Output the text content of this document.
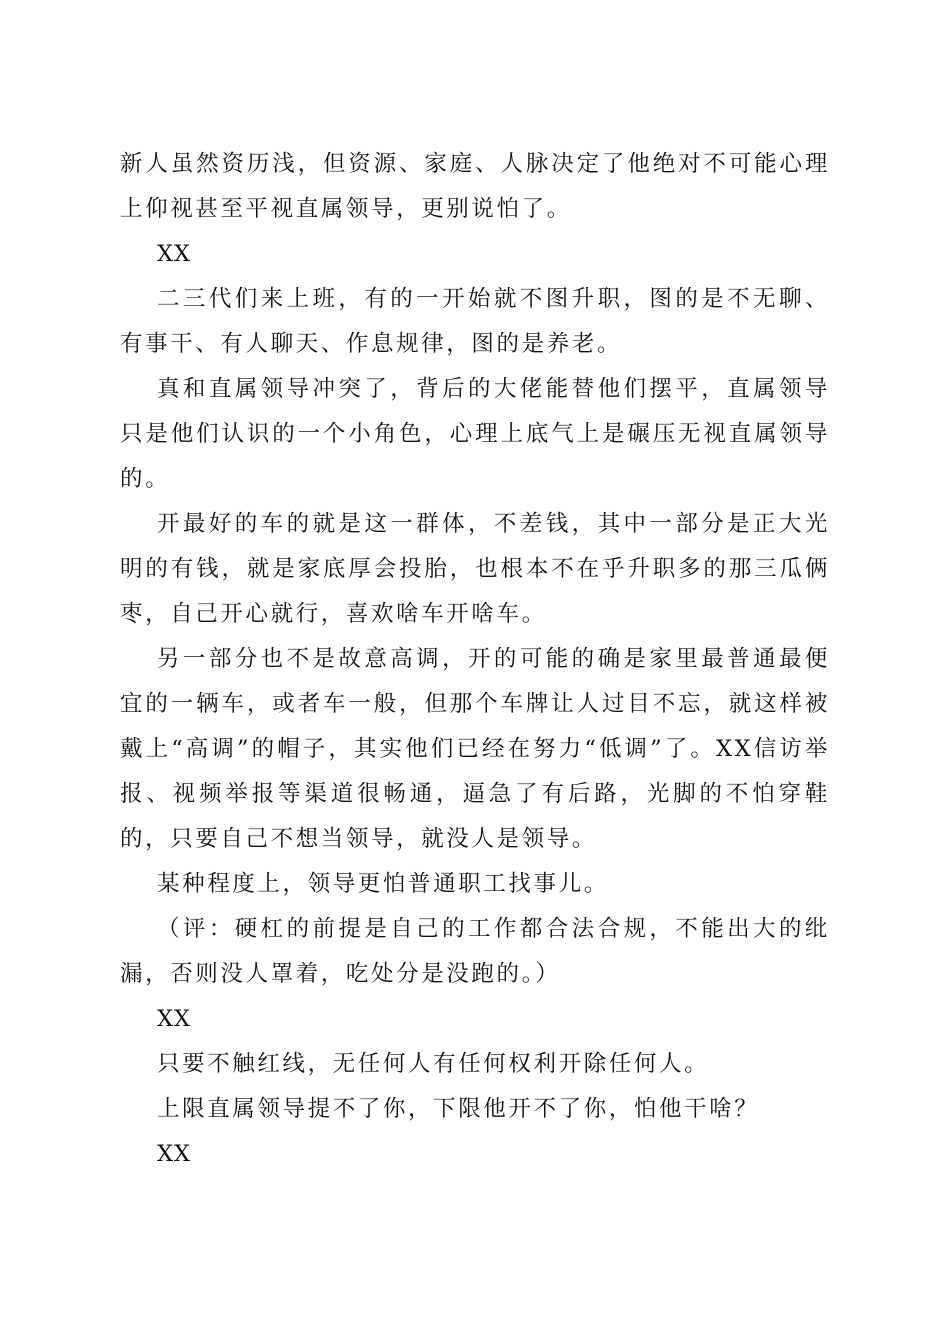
新人虽然资历浅，但资源、家庭、人脉决定了他绝对不可能心理上仰视甚至平视直属领导，更别说怕了。

XX

二三代们来上班，有的一开始就不图升职，图的是不无聊、有事干、有人聊天、作息规律，图的是养老。

真和直属领导冲突了，背后的大佬能替他们摆平，直属领导只是他们认识的一个小角色，心理上底气上是碾压无视直属领导的。

开最好的车的就是这一群体，不差钱，其中一部分是正大光明的有钱，就是家底厚会投胎，也根本不在乎升职多的那三瓜俩枣，自己开心就行，喜欢啥车开啥车。

另一部分也不是故意高调，开的可能的确是家里最普通最便宜的一辆车，或者车一般，但那个车牌让人过目不忘，就这样被戴上“高调”的帽子，其实他们已经在努力“低调”了。XX信访举报、视频举报等渠道很畅通，逼急了有后路，光脚的不怕穿鞋的，只要自己不想当领导，就没人是领导。

某种程度上，领导更怕普通职工找事儿。

（评：硬杠的前提是自己的工作都合法合规，不能出大的纰漏，否则没人罩着，吃处分是没跑的。）

XX

只要不触红线，无任何人有任何权利开除任何人。

上限直属领导提不了你，下限他开不了你，怕他干啥？

XX
